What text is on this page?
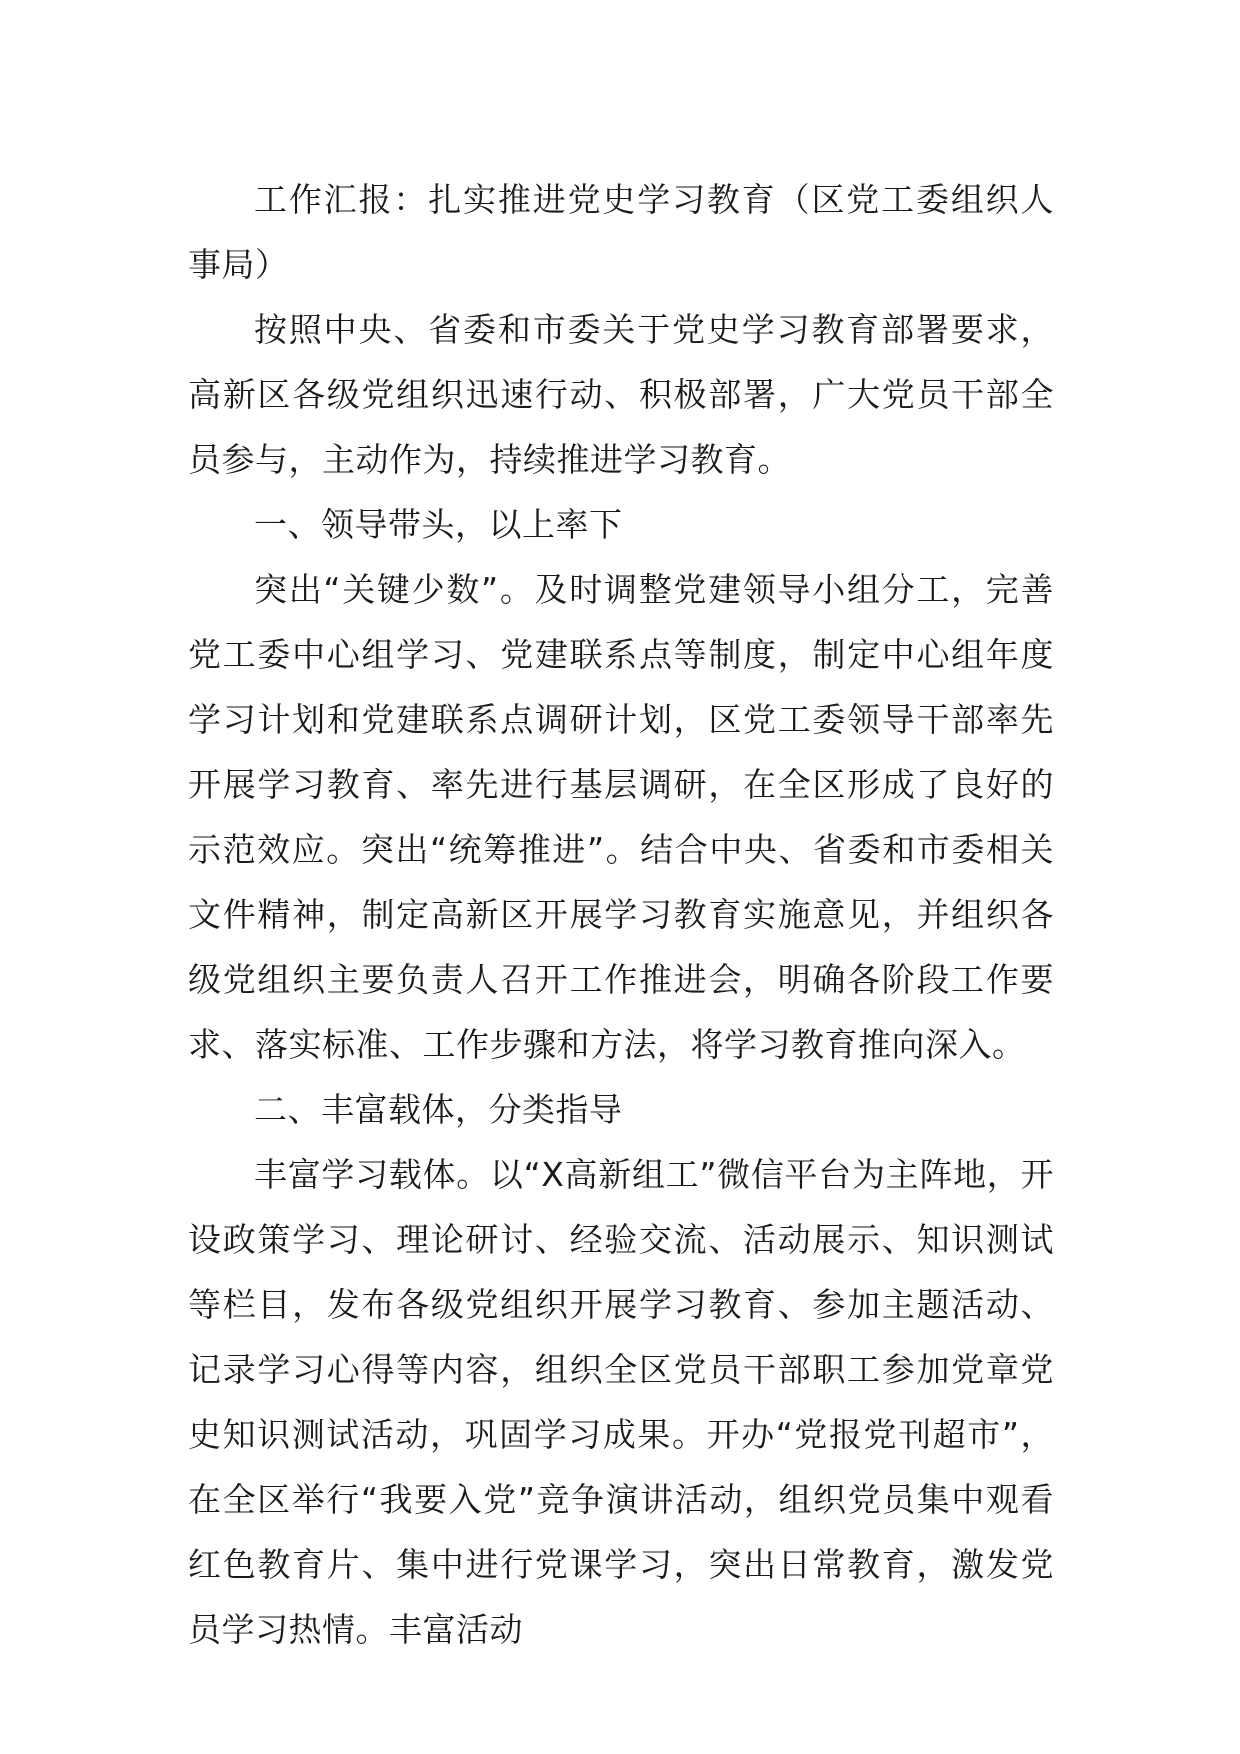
工作汇报：扎实推进党史学习教育（区党工委组织人事局）

按照中央、省委和市委关于党史学习教育部署要求，高新区各级党组织迅速行动、积极部署，广大党员干部全员参与，主动作为，持续推进学习教育。

一、领导带头，以上率下

突出“关键少数”。及时调整党建领导小组分工，完善党工委中心组学习、党建联系点等制度，制定中心组年度学习计划和党建联系点调研计划，区党工委领导干部率先开展学习教育、率先进行基层调研，在全区形成了良好的示范效应。突出“统筹推进”。结合中央、省委和市委相关文件精神，制定高新区开展学习教育实施意见，并组织各级党组织主要负责人召开工作推进会，明确各阶段工作要求、落实标准、工作步骤和方法，将学习教育推向深入。

二、丰富载体，分类指导

丰富学习载体。以“X高新组工”微信平台为主阵地，开设政策学习、理论研讨、经验交流、活动展示、知识测试等栏目，发布各级党组织开展学习教育、参加主题活动、记录学习心得等内容，组织全区党员干部职工参加党章党史知识测试活动，巩固学习成果。开办“党报党刊超市”，在全区举行“我要入党”竞争演讲活动，组织党员集中观看红色教育片、集中进行党课学习，突出日常教育，激发党员学习热情。丰富活动
